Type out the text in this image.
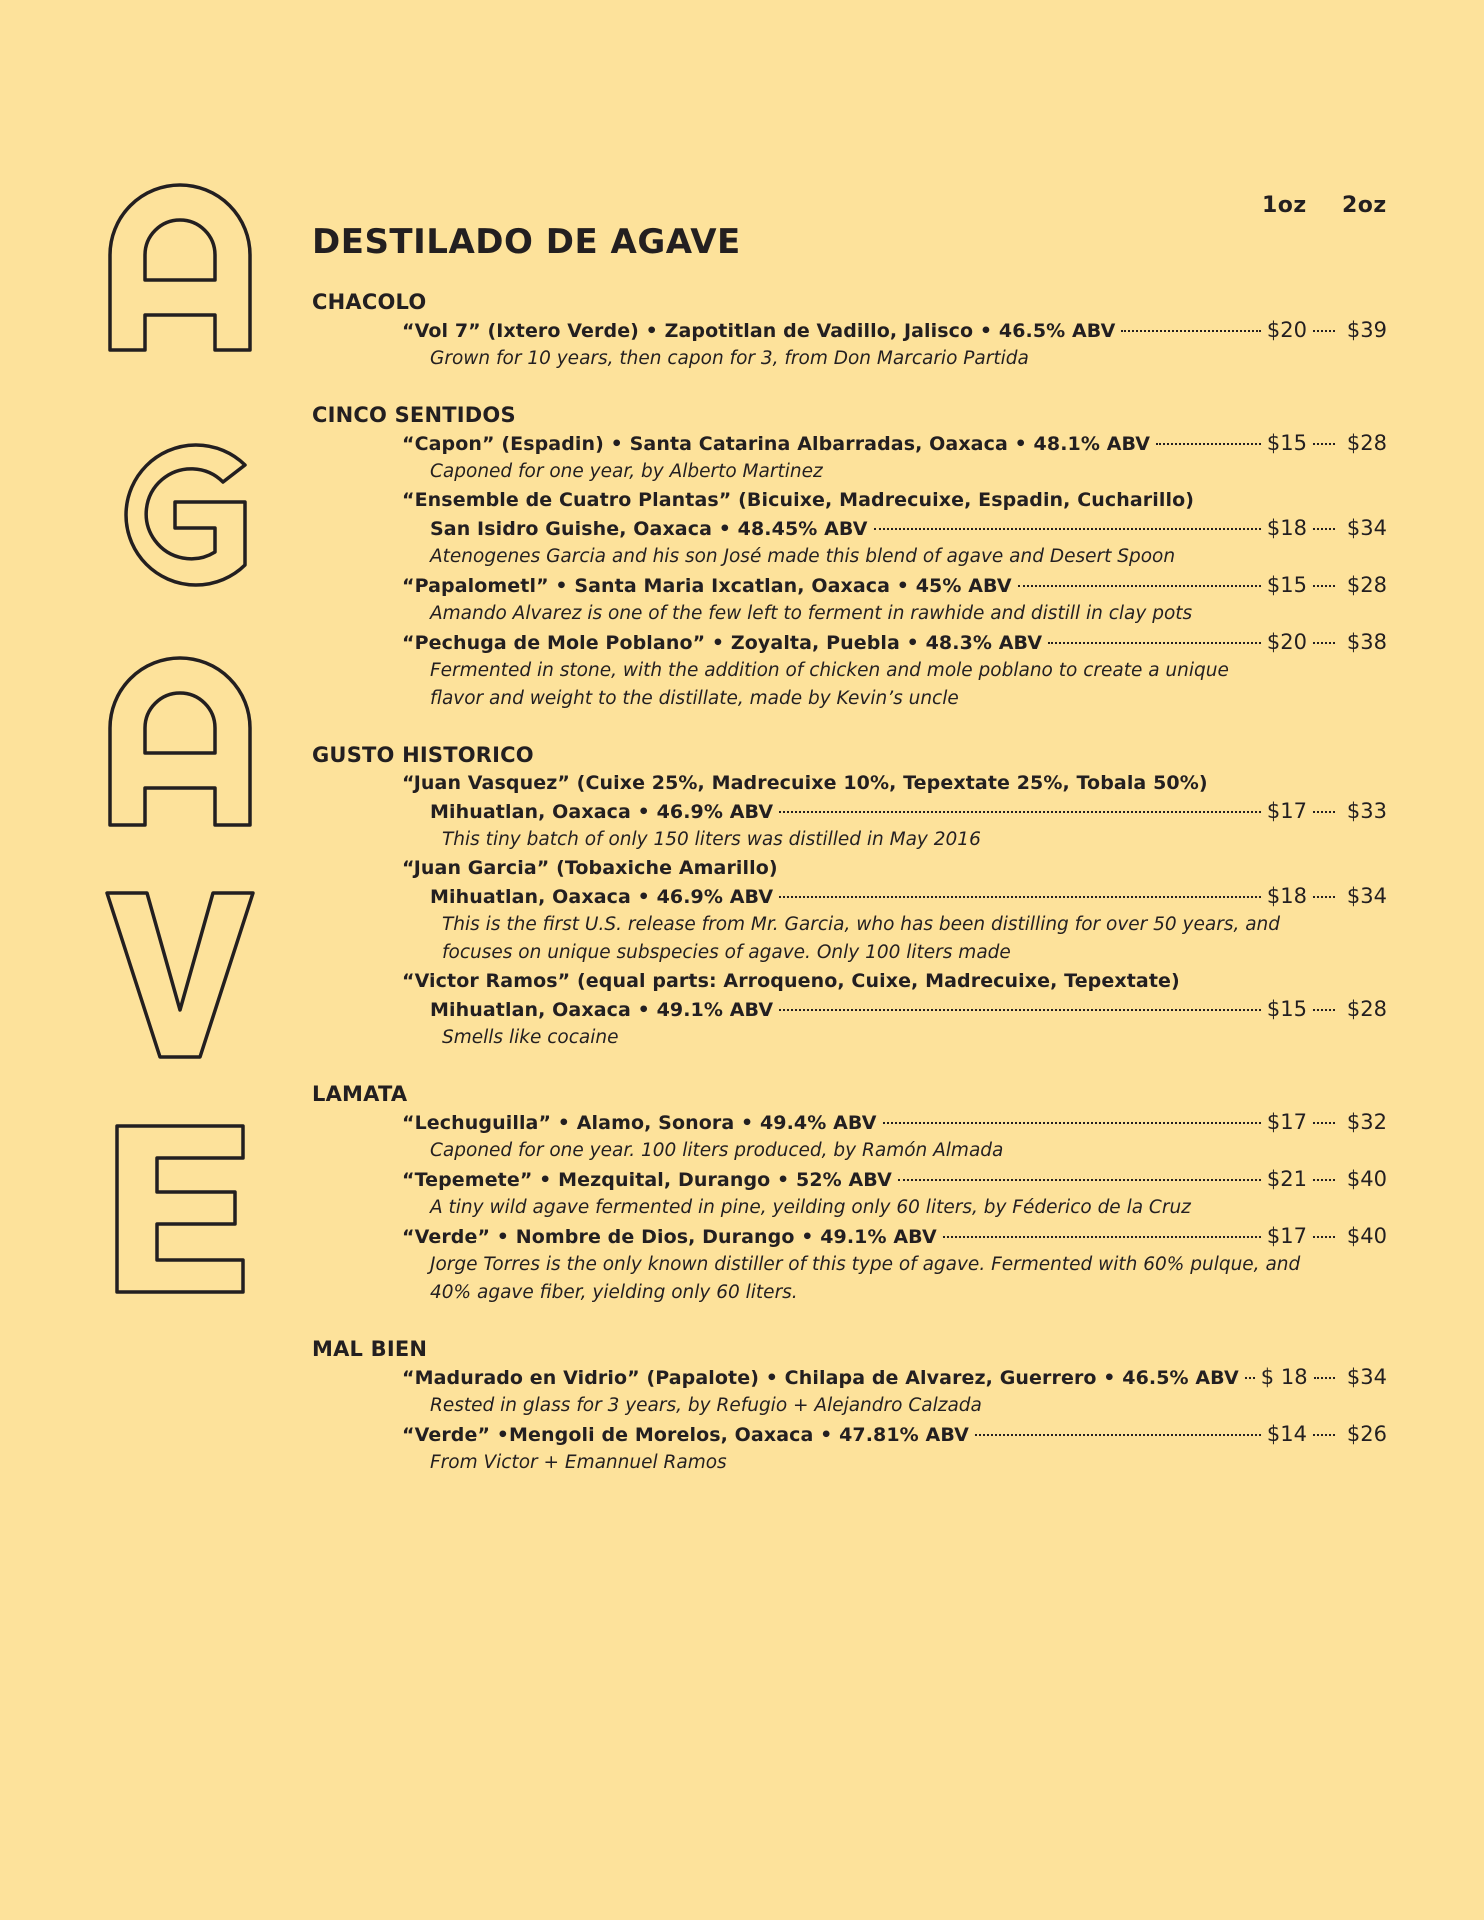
1oz 2oz
DESTILADO DE AGAVE
CHACOLO
“Vol 7” (Ixtero Verde) • Zapotitlan de Vadillo, Jalisco • 46.5% ABV	$20 $39
Grown for 10 years, then capon for 3, from Don Marcario Partida
CINCO SENTIDOS
“Capon” (Espadin) • Santa Catarina Albarradas, Oaxaca • 48.1% ABV	$15 $28
Caponed for one year, by Alberto Martinez
“Ensemble de Cuatro Plantas” (Bicuixe, Madrecuixe, Espadin, Cucharillo)
San Isidro Guishe, Oaxaca • 48.45% ABV	$18 $34
Atenogenes Garcia and his son José made this blend of agave and Desert Spoon
“Papalometl” • Santa Maria Ixcatlan, Oaxaca • 45% ABV	$15 $28
Amando Alvarez is one of the few left to ferment in rawhide and distill in clay pots
“Pechuga de Mole Poblano” • Zoyalta, Puebla • 48.3% ABV	$20 $38
Fermented in stone, with the addition of chicken and mole poblano to create a unique
flavor and weight to the distillate, made by Kevin’s uncle
GUSTO HISTORICO
“Juan Vasquez” (Cuixe 25%, Madrecuixe 10%, Tepextate 25%, Tobala 50%)
Mihuatlan, Oaxaca • 46.9% ABV	$17 $33
This tiny batch of only 150 liters was distilled in May 2016
“Juan Garcia” (Tobaxiche Amarillo)
Mihuatlan, Oaxaca • 46.9% ABV	$18 $34
This is the first U.S. release from Mr. Garcia, who has been distilling for over 50 years, and
focuses on unique subspecies of agave. Only 100 liters made
“Victor Ramos” (equal parts: Arroqueno, Cuixe, Madrecuixe, Tepextate)
Mihuatlan, Oaxaca • 49.1% ABV	$15 $28
Smells like cocaine
LAMATA
“Lechuguilla” • Alamo, Sonora • 49.4% ABV	$17 $32
Caponed for one year. 100 liters produced, by Ramón Almada
“Tepemete” • Mezquital, Durango • 52% ABV	$21 $40
A tiny wild agave fermented in pine, yeilding only 60 liters, by Féderico de la Cruz
“Verde” • Nombre de Dios, Durango • 49.1% ABV	$17 $40
Jorge Torres is the only known distiller of this type of agave. Fermented with 60% pulque, and
40% agave fiber, yielding only 60 liters.
MAL BIEN
“Madurado en Vidrio” (Papalote) • Chilapa de Alvarez, Guerrero • 46.5% ABV $ 18 $34
Rested in glass for 3 years, by Refugio + Alejandro Calzada
“Verde” •Mengoli de Morelos, Oaxaca • 47.81% ABV	$14 $26
From Victor + Emannuel Ramos
